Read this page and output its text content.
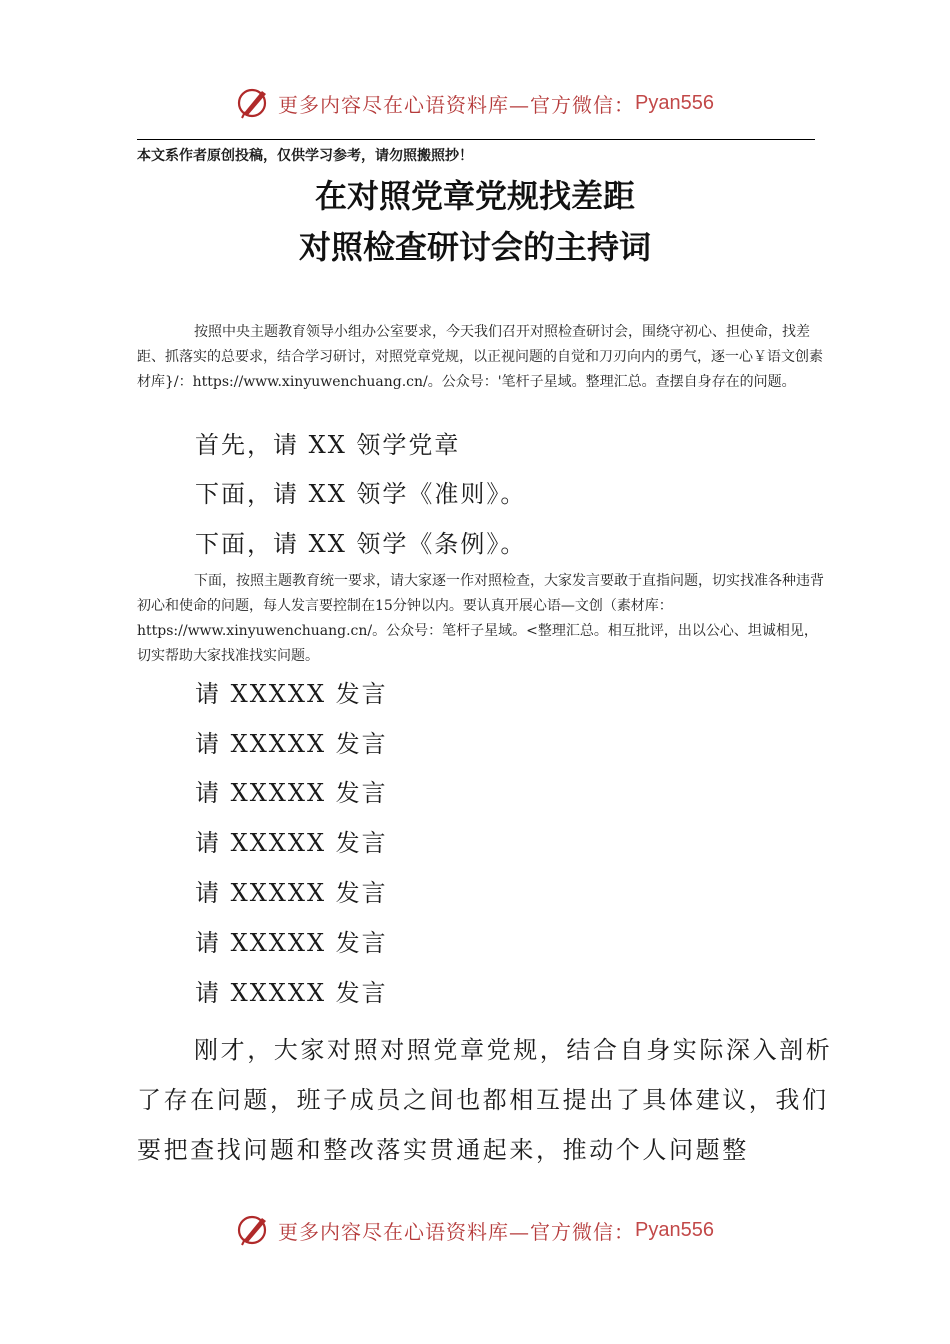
更多内容尽在心语资料库—官方微信： Pyan556
本文系作者原创投稿，仅供学习参考，请勿照搬照抄！
在对照党章党规找差距
对照检查研讨会的主持词

按照中央主题教育领导小组办公室要求，今天我们召开对照检查研讨会，围绕守初心、担使命，找差距、抓落实的总要求，结合学习研讨，对照党章党规，以正视问题的自觉和刀刃向内的勇气，逐一心￥语文创素材库}/：https://www.xinyuwenchuang.cn/。公众号：'笔杆子星域。整理汇总。查摆自身存在的问题。

首先，请 XX 领学党章
下面，请 XX 领学《准则》。
下面，请 XX 领学《条例》。

下面，按照主题教育统一要求，请大家逐一作对照检查，大家发言要敢于直指问题，切实找准各种违背初心和使命的问题，每人发言要控制在15分钟以内。要认真开展心语—文创（素材库：https://www.xinyuwenchuang.cn/。公众号：笔杆子星域。<整理汇总。相互批评，出以公心、坦诚相见，切实帮助大家找准找实问题。

请 XXXXX 发言
请 XXXXX 发言
请 XXXXX 发言
请 XXXXX 发言
请 XXXXX 发言
请 XXXXX 发言
请 XXXXX 发言

刚才，大家对照对照党章党规，结合自身实际深入剖析了存在问题，班子成员之间也都相互提出了具体建议，我们要把查找问题和整改落实贯通起来，推动个人问题整

更多内容尽在心语资料库—官方微信： Pyan556
